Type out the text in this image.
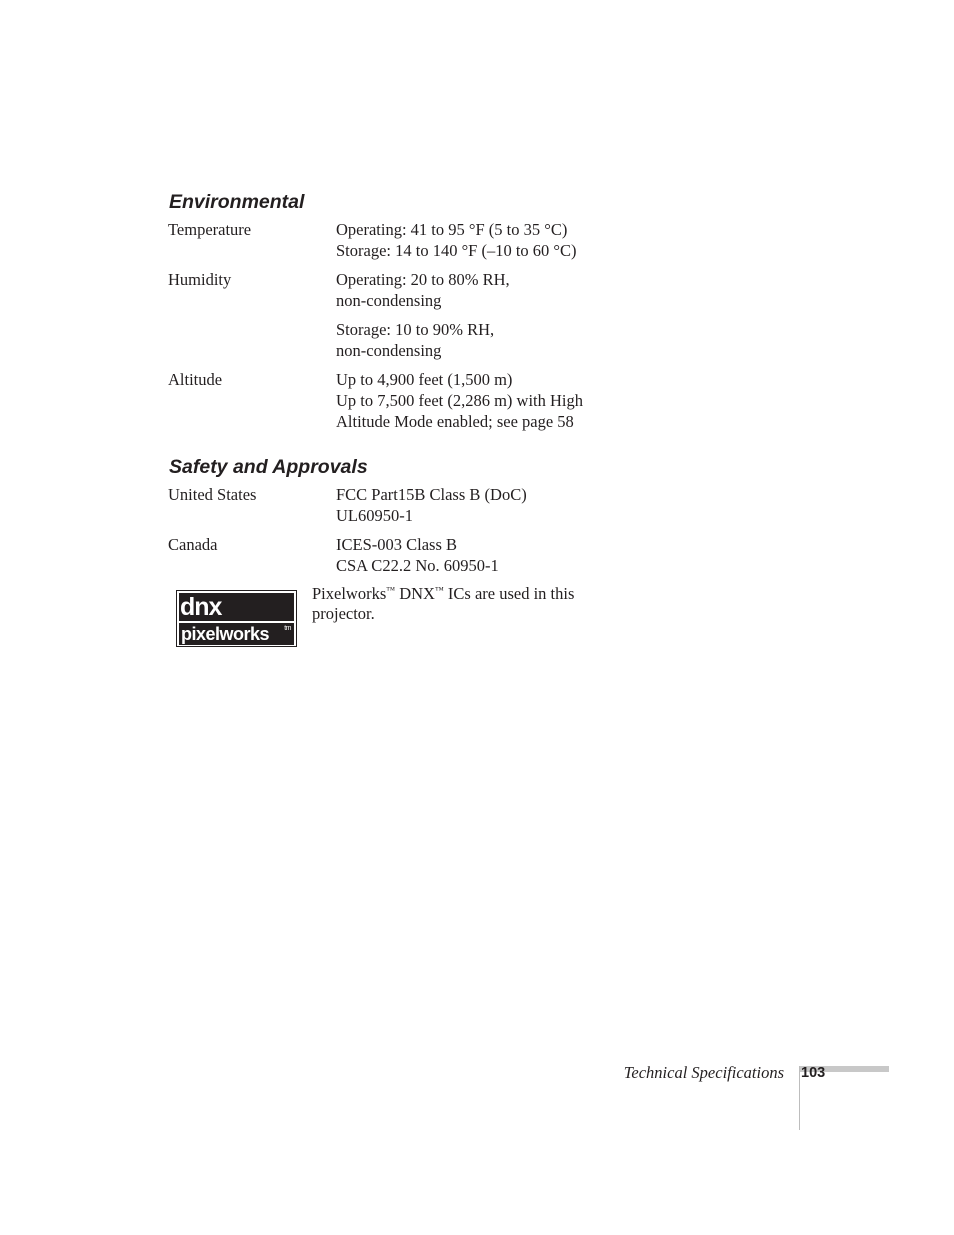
Environmental
Temperature	Operating: 41 to 95 °F (5 to 35 °C)
Storage: 14 to 140 °F (–10 to 60 °C)
Humidity	Operating: 20 to 80% RH,
non-condensing
Storage: 10 to 90% RH,
non-condensing
Altitude	Up to 4,900 feet (1,500 m)
Up to 7,500 feet (2,286 m) with High
Altitude Mode enabled; see page 58
Safety and Approvals
United States	FCC Part15B Class B (DoC)
UL60950-1
Canada	ICES-003 Class B
CSA C22.2 No. 60950-1
dnx
pixelworks tm
Pixelworks™ DNX™ ICs are used in this projector.
Technical Specifications 103
